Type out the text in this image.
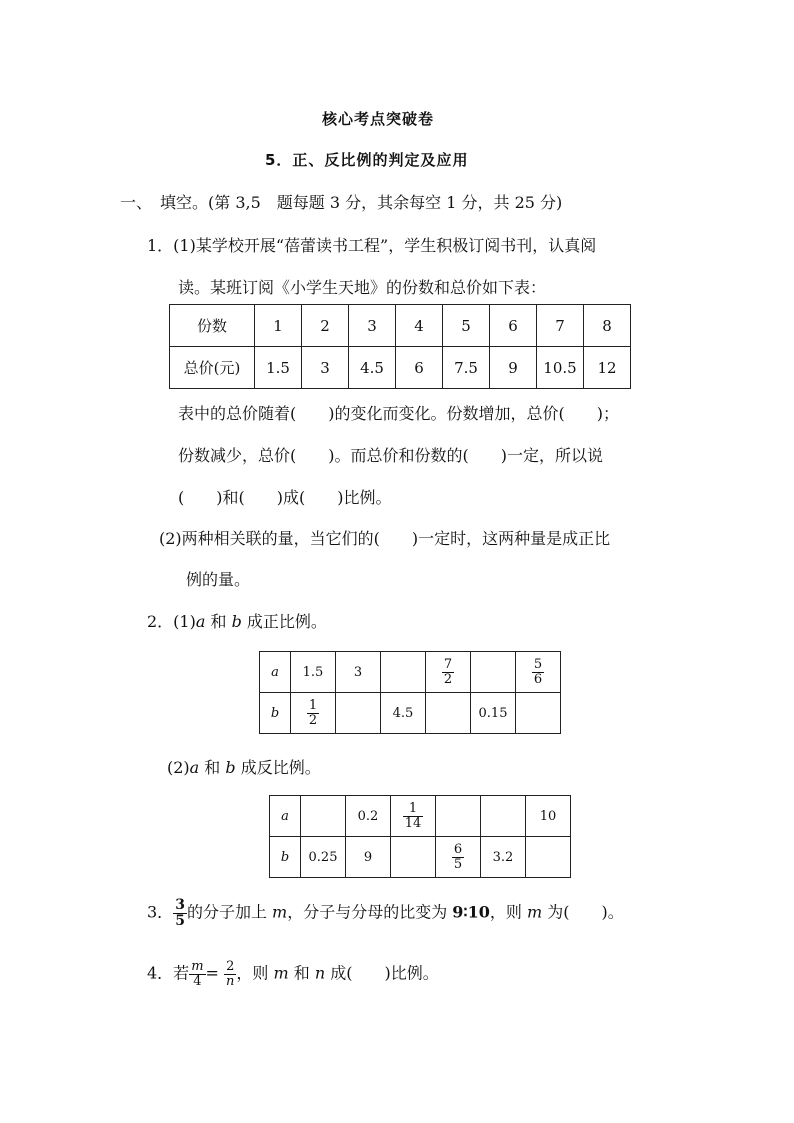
核心考点突破卷
5．正、反比例的判定及应用
一、　填空。(第 3,5　题每题 3 分，其余每空 1 分，共 25 分)
1．(1)某学校开展“蓓蕾读书工程”，学生积极订阅书刊，认真阅
读。某班订阅《小学生天地》的份数和总价如下表：
份数	1	2	3	4	5	6	7	8
总价(元)	1.5	3	4.5	6	7.5	9	10.5	12
表中的总价随着(　　)的变化而变化。份数增加，总价(　　)；
份数减少，总价(　　)。而总价和份数的(　　)一定，所以说
(　　)和(　　)成(　　)比例。
(2)两种相关联的量，当它们的(　　)一定时，这两种量是成正比
例的量。
2．(1)a 和 b 成正比例。
a	1.5	3		$\frac{7}{2}$		$\frac{5}{6}$

b	$\frac{1}{2}$		4.5		0.15	
(2)a 和 b 成反比例。
a		0.2	$\frac{1}{14}$			10
b	0.25	9		$\frac{6}{5}$	3.2	
3． $\frac{3}{5}$ 的分子加上 m，分子与分母的比变为 9∶10，则 m 为(　　)。
4．若 $\frac{m}{4} = \frac{2}{n}$ ，则 m 和 n 成(　　)比例。
